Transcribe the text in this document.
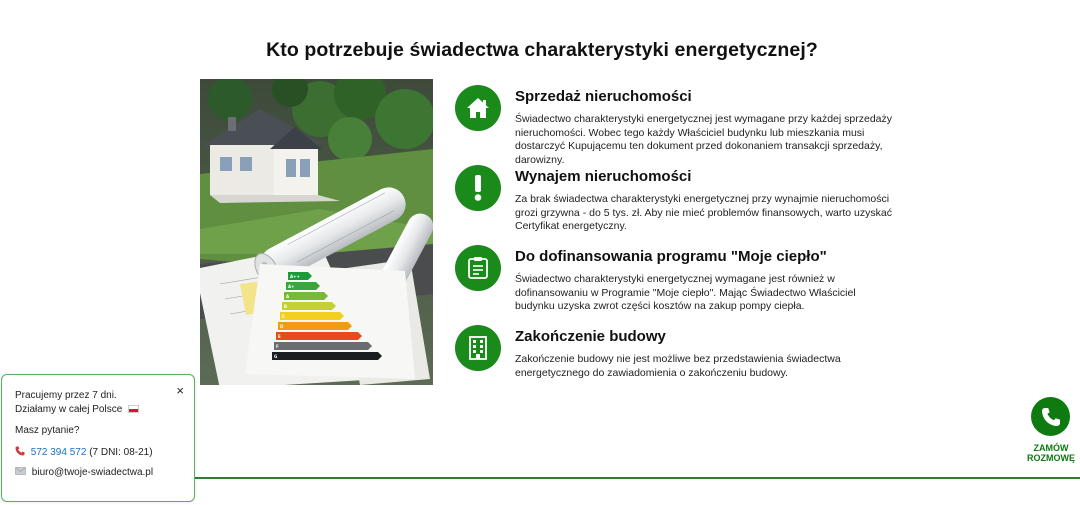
Kto potrzebuje świadectwa charakterystyki energetycznej?
A++
A+
A
B
C
D
E
F
G
Sprzedaż nieruchomości

Świadectwo charakterystyki energetycznej jest wymagane przy każdej sprzedaży nieruchomości. Wobec tego każdy Właściciel budynku lub mieszkania musi dostarczyć Kupującemu ten dokument przed dokonaniem transakcji sprzedaży, darowizny.

Wynajem nieruchomości

Za brak świadectwa charakterystyki energetycznej przy wynajmie nieruchomości grozi grzywna - do 5 tys. zł. Aby nie mieć problemów finansowych, warto uzyskać Certyfikat energetyczny.

Do dofinansowania programu "Moje ciepło"

Świadectwo charakterystyki energetycznej wymagane jest również w dofinansowaniu w Programie "Moje ciepło". Mając Świadectwo Właściciel budynku uzyska zwrot części kosztów na zakup pompy ciepła.

Zakończenie budowy

Zakończenie budowy nie jest możliwe bez przedstawienia świadectwa energetycznego do zawiadomienia o zakończeniu budowy.

×
Pracujemy przez 7 dni.
Działamy w całej Polsce
Masz pytanie?
572 394 572 (7 DNI: 08-21)
biuro@twoje-swiadectwa.pl
ZAMÓW
ROZMOWĘ
